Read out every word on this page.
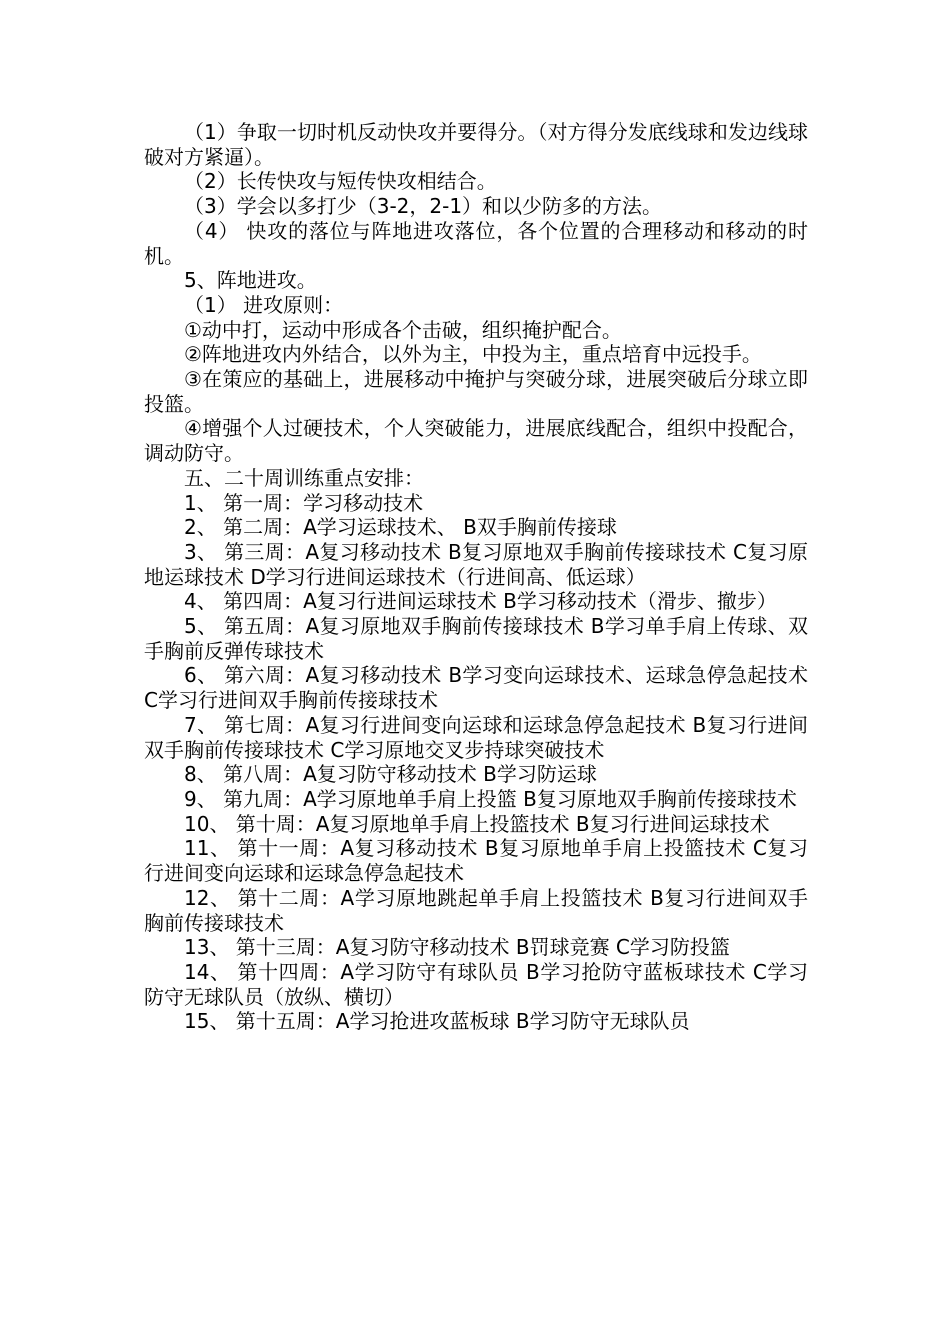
（1）争取一切时机反动快攻并要得分。（对方得分发底线球和发边线球破对方紧逼）。

（2）长传快攻与短传快攻相结合。

（3）学会以多打少（3-2，2-1）和以少防多的方法。

（4） 快攻的落位与阵地进攻落位，各个位置的合理移动和移动的时机。

5、阵地进攻。

（1） 进攻原则：

①动中打，运动中形成各个击破，组织掩护配合。

②阵地进攻内外结合，以外为主，中投为主，重点培育中远投手。

③在策应的基础上，进展移动中掩护与突破分球，进展突破后分球立即投篮。

④增强个人过硬技术，个人突破能力，进展底线配合，组织中投配合，调动防守。

五、二十周训练重点安排：

1、 第一周：学习移动技术

2、 第二周：A学习运球技术、 B双手胸前传接球

3、 第三周：A复习移动技术 B复习原地双手胸前传接球技术 C复习原地运球技术 D学习行进间运球技术（行进间高、低运球）

4、 第四周：A复习行进间运球技术 B学习移动技术（滑步、撤步）

5、 第五周：A复习原地双手胸前传接球技术 B学习单手肩上传球、双手胸前反弹传球技术

6、 第六周：A复习移动技术 B学习变向运球技术、运球急停急起技术 C学习行进间双手胸前传接球技术

7、 第七周：A复习行进间变向运球和运球急停急起技术 B复习行进间双手胸前传接球技术 C学习原地交叉步持球突破技术

8、 第八周：A复习防守移动技术 B学习防运球

9、 第九周：A学习原地单手肩上投篮 B复习原地双手胸前传接球技术

10、 第十周：A复习原地单手肩上投篮技术 B复习行进间运球技术

11、 第十一周：A复习移动技术 B复习原地单手肩上投篮技术 C复习行进间变向运球和运球急停急起技术

12、 第十二周：A学习原地跳起单手肩上投篮技术 B复习行进间双手胸前传接球技术

13、 第十三周：A复习防守移动技术 B罚球竞赛 C学习防投篮

14、 第十四周：A学习防守有球队员 B学习抢防守蓝板球技术 C学习防守无球队员（放纵、横切）

15、 第十五周：A学习抢进攻蓝板球 B学习防守无球队员
